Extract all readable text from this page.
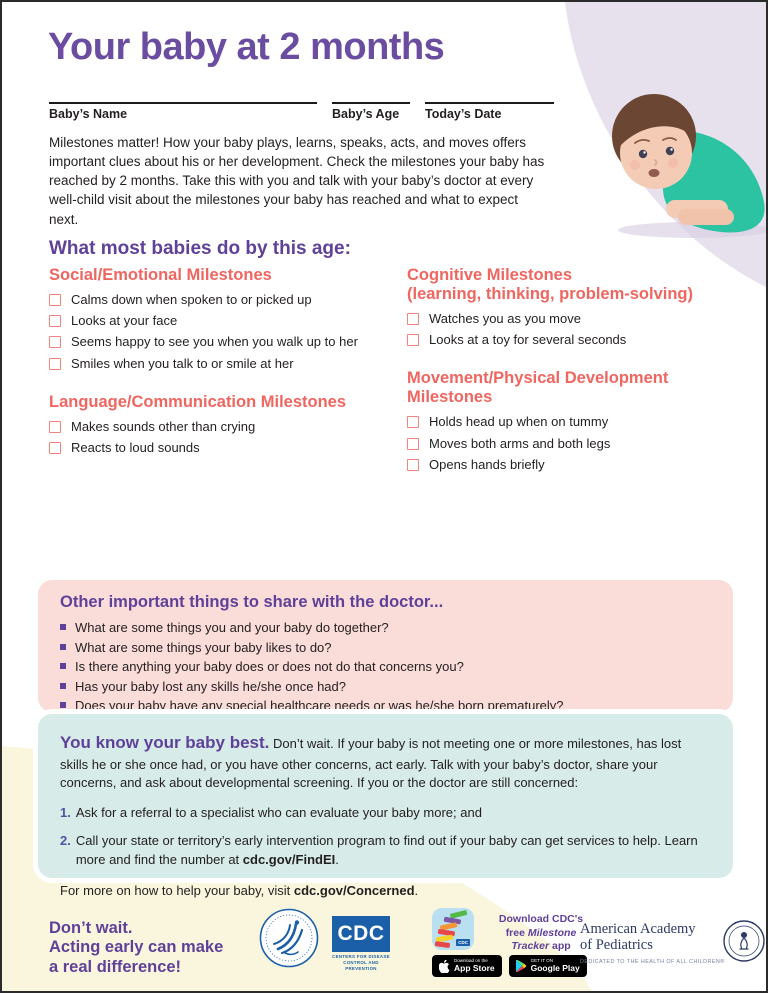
Your baby at 2 months
Baby’s Name	Baby’s Age	Today’s Date

Milestones matter! How your baby plays, learns, speaks, acts, and moves offers important clues about his or her development. Check the milestones your baby has reached by 2 months. Take this with you and talk with your baby’s doctor at every well-child visit about the milestones your baby has reached and what to expect next.

What most babies do by this age:
Social/Emotional Milestones
Calms down when spoken to or picked up
Looks at your face
Seems happy to see you when you walk up to her
Smiles when you talk to or smile at her
Language/Communication Milestones
Makes sounds other than crying
Reacts to loud sounds
Cognitive Milestones
(learning, thinking, problem-solving)
Watches you as you move
Looks at a toy for several seconds
Movement/Physical Development Milestones
Holds head up when on tummy
Moves both arms and both legs
Opens hands briefly
Other important things to share with the doctor...
What are some things you and your baby do together?
What are some things your baby likes to do?
Is there anything your baby does or does not do that concerns you?
Has your baby lost any skills he/she once had?
Does your baby have any special healthcare needs or was he/she born prematurely?

You know your baby best. Don’t wait. If your baby is not meeting one or more milestones, has lost skills he or she once had, or you have other concerns, act early. Talk with your baby’s doctor, share your concerns, and ask about developmental screening. If you or the doctor are still concerned:

1. Ask for a referral to a specialist who can evaluate your baby more; and
2. Call your state or territory’s early intervention program to find out if your baby can get services to help. Learn more and find the number at cdc.gov/FindEI.

For more on how to help your baby, visit cdc.gov/Concerned.

Don’t wait.
Acting early can make
a real difference!
CDC
CENTERS FOR DISEASE
CONTROL AND PREVENTION
CDC
Download CDC's
free Milestone
Tracker app
Download on the
App Store
GET IT ON
Google Play
American Academy
of Pediatrics
DEDICATED TO THE HEALTH OF ALL CHILDREN®
